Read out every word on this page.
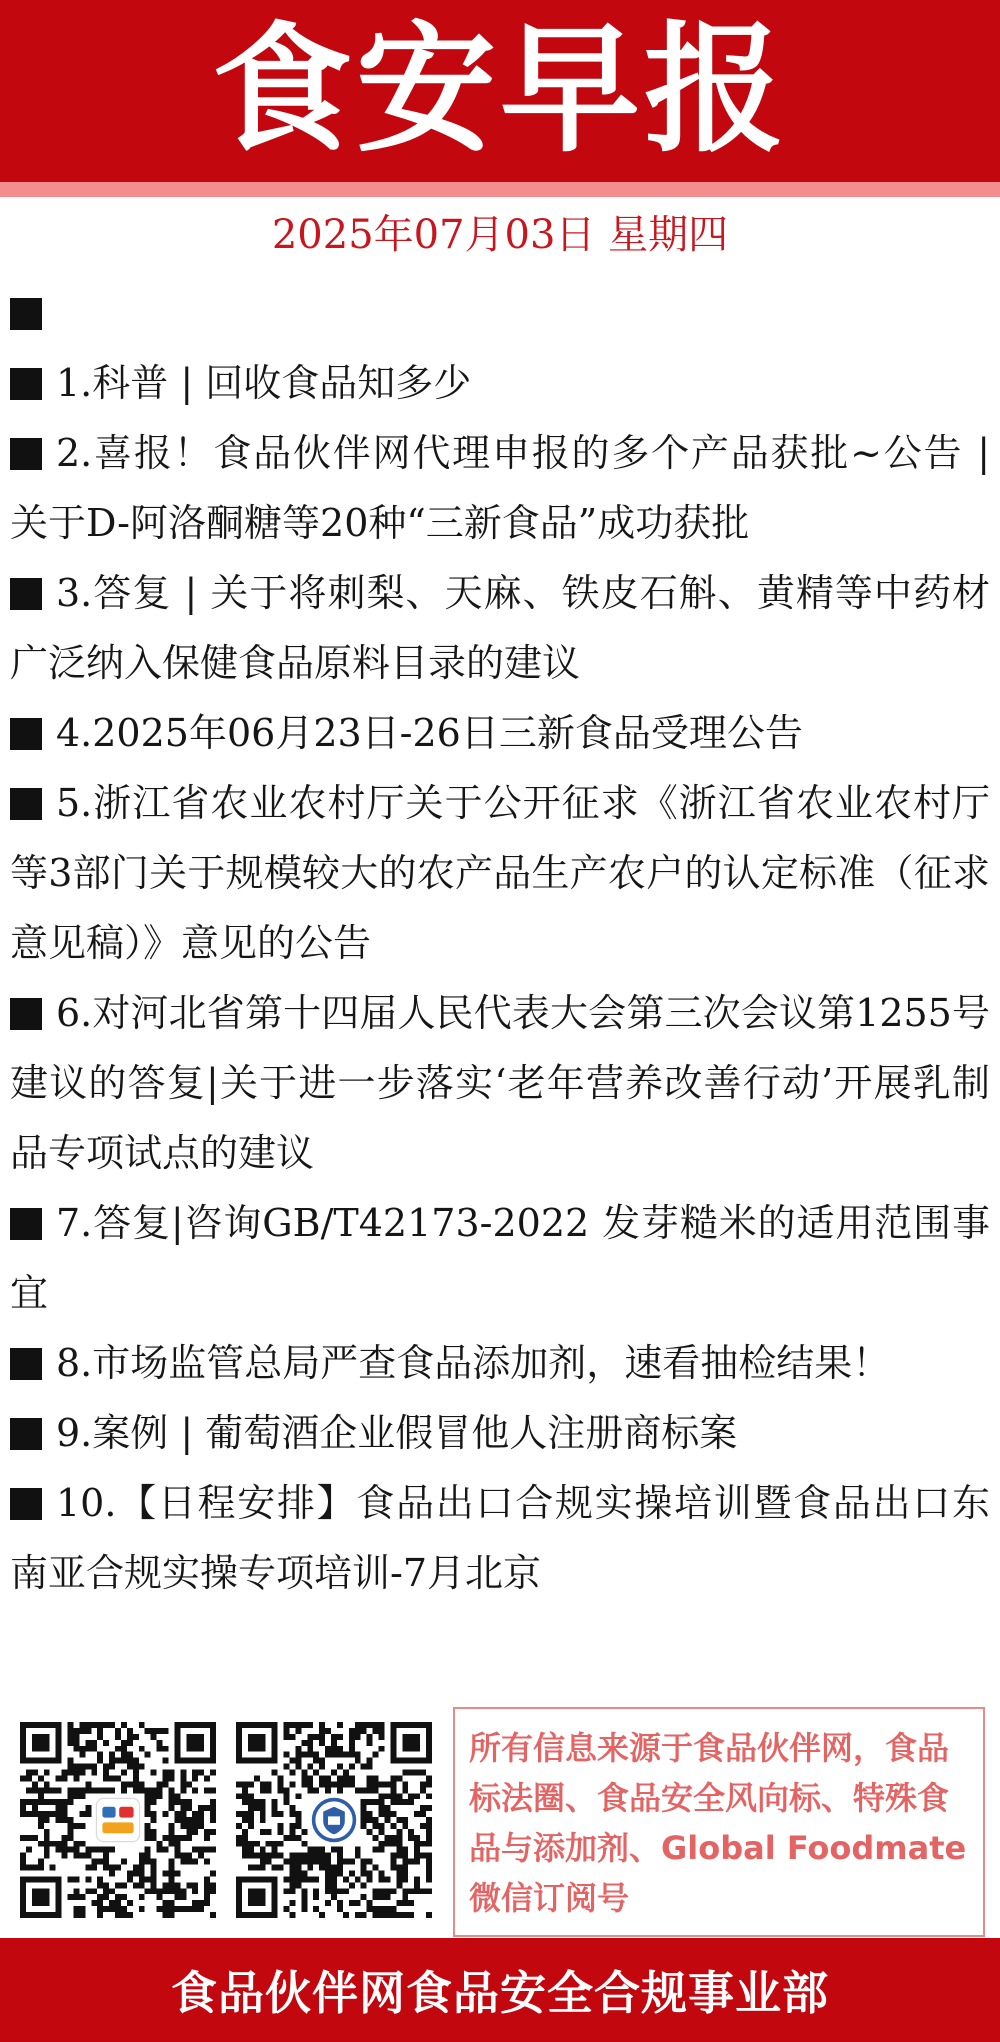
食安早报
2025年07月03日 星期四
1.科普 | 回收食品知多少
2.喜报！食品伙伴网代理申报的多个产品获批~公告 | 关于D-阿洛酮糖等20种“三新食品”成功获批
3.答复 | 关于将刺梨、天麻、铁皮石斛、黄精等中药材广泛纳入保健食品原料目录的建议
4.2025年06月23日-26日三新食品受理公告
5.浙江省农业农村厅关于公开征求《浙江省农业农村厅等3部门关于规模较大的农产品生产农户的认定标准（征求意见稿）》意见的公告
6.对河北省第十四届人民代表大会第三次会议第1255号建议的答复|关于进一步落实‘老年营养改善行动’开展乳制品专项试点的建议
7.答复|咨询GB/T42173-2022 发芽糙米的适用范围事宜
8.市场监管总局严查食品添加剂，速看抽检结果！
9.案例 | 葡萄酒企业假冒他人注册商标案
10.【日程安排】食品出口合规实操培训暨食品出口东南亚合规实操专项培训-7月北京
所有信息来源于食品伙伴网，食品标法圈、食品安全风向标、特殊食品与添加剂、Global Foodmate微信订阅号
食品伙伴网食品安全合规事业部
